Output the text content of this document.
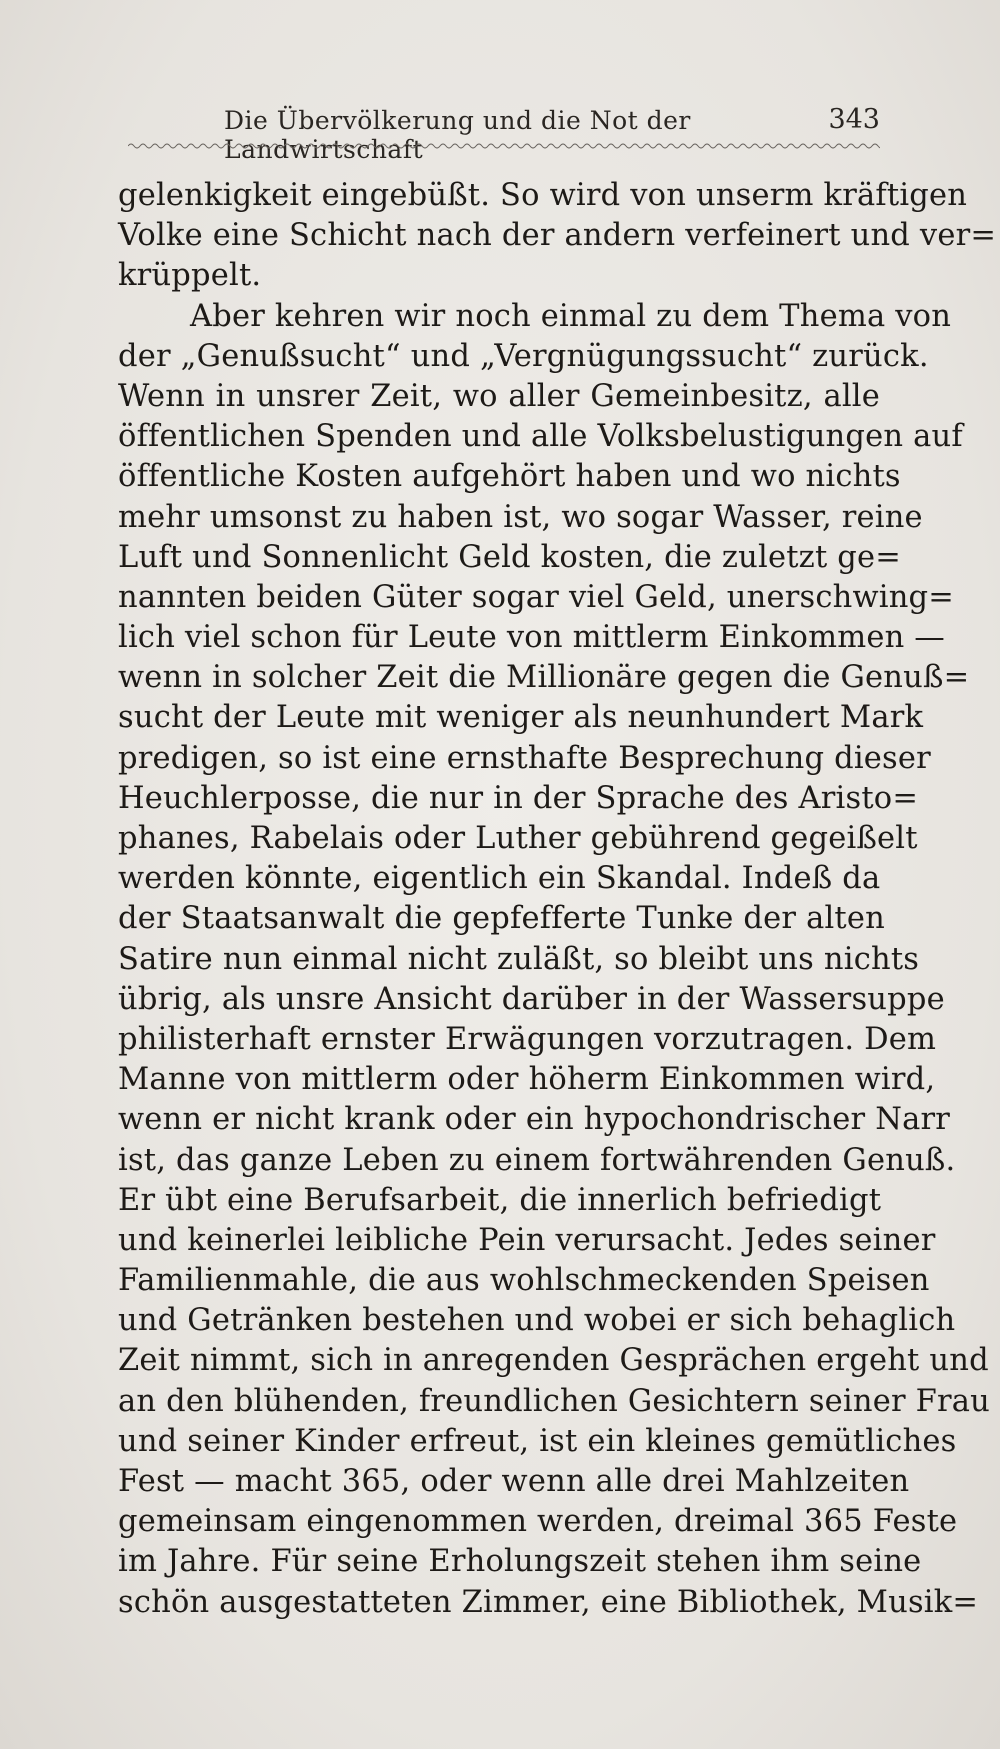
Die Übervölkerung und die Not der Landwirtschaft
343
gelenkigkeit eingebüßt. So wird von unserm kräftigen
Volke eine Schicht nach der andern verfeinert und ver=
krüppelt.
Aber kehren wir noch einmal zu dem Thema von
der „Genußsucht“ und „Vergnügungssucht“ zurück.
Wenn in unsrer Zeit, wo aller Gemeinbesitz, alle
öffentlichen Spenden und alle Volksbelustigungen auf
öffentliche Kosten aufgehört haben und wo nichts
mehr umsonst zu haben ist, wo sogar Wasser, reine
Luft und Sonnenlicht Geld kosten, die zuletzt ge=
nannten beiden Güter sogar viel Geld, unerschwing=
lich viel schon für Leute von mittlerm Einkommen —
wenn in solcher Zeit die Millionäre gegen die Genuß=
sucht der Leute mit weniger als neunhundert Mark
predigen, so ist eine ernsthafte Besprechung dieser
Heuchlerposse, die nur in der Sprache des Aristo=
phanes, Rabelais oder Luther gebührend gegeißelt
werden könnte, eigentlich ein Skandal. Indeß da
der Staatsanwalt die gepfefferte Tunke der alten
Satire nun einmal nicht zuläßt, so bleibt uns nichts
übrig, als unsre Ansicht darüber in der Wassersuppe
philisterhaft ernster Erwägungen vorzutragen. Dem
Manne von mittlerm oder höherm Einkommen wird,
wenn er nicht krank oder ein hypochondrischer Narr
ist, das ganze Leben zu einem fortwährenden Genuß.
Er übt eine Berufsarbeit, die innerlich befriedigt
und keinerlei leibliche Pein verursacht. Jedes seiner
Familienmahle, die aus wohlschmeckenden Speisen
und Getränken bestehen und wobei er sich behaglich
Zeit nimmt, sich in anregenden Gesprächen ergeht und
an den blühenden, freundlichen Gesichtern seiner Frau
und seiner Kinder erfreut, ist ein kleines gemütliches
Fest — macht 365, oder wenn alle drei Mahlzeiten
gemeinsam eingenommen werden, dreimal 365 Feste
im Jahre. Für seine Erholungszeit stehen ihm seine
schön ausgestatteten Zimmer, eine Bibliothek, Musik=
